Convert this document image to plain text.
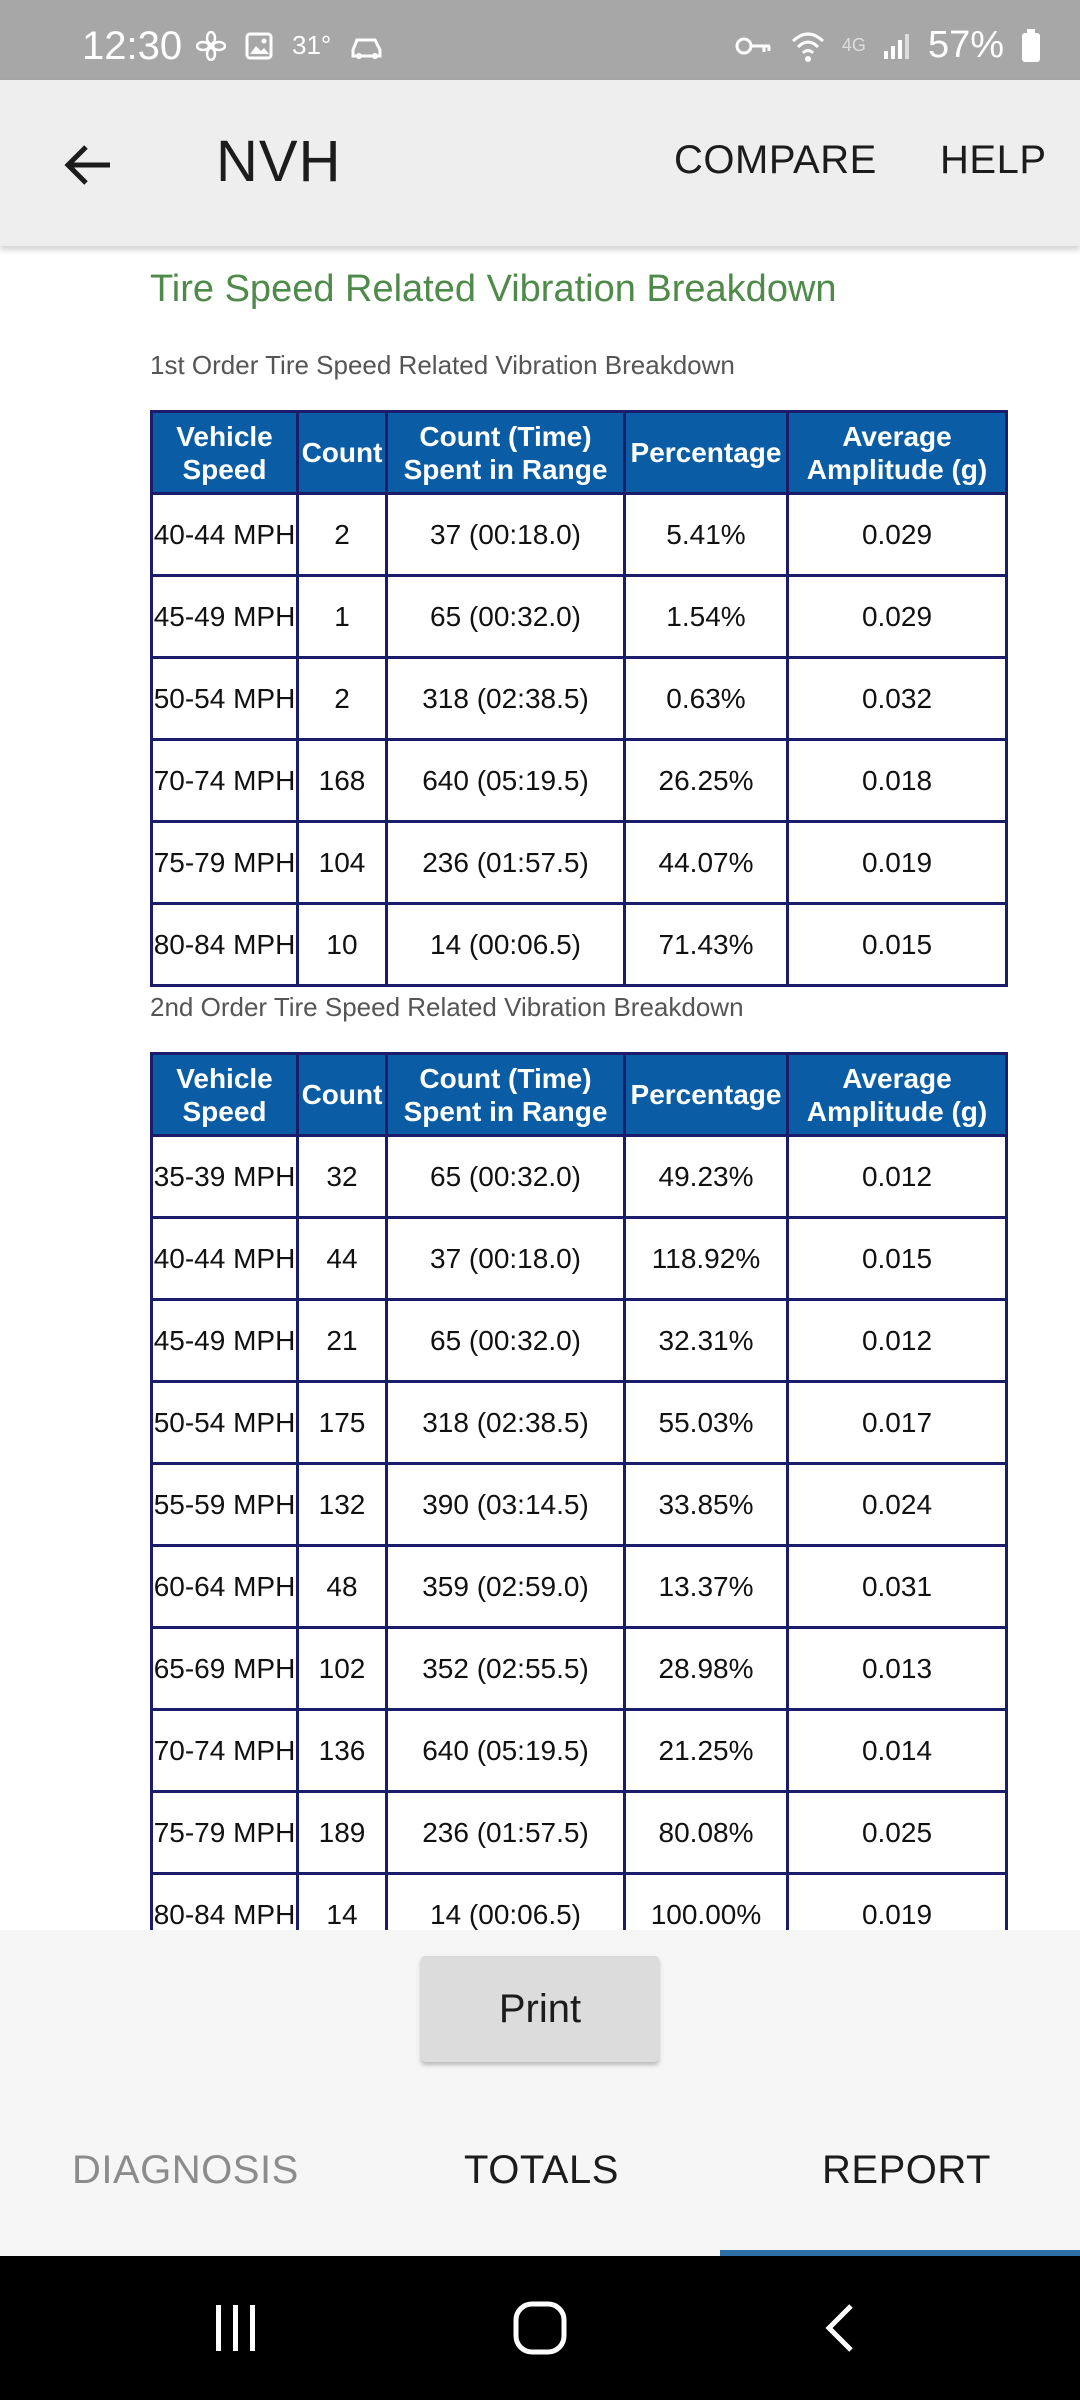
12:30	31°	4G 57%
NVH	COMPARE HELP
Tire Speed Related Vibration Breakdown
1st Order Tire Speed Related Vibration Breakdown
Vehicle Speed	Count	Count (Time) Spent in Range	Percentage	Average Amplitude (g)
40-44 MPH	2	37 (00:18.0)	5.41%	0.029
45-49 MPH	1	65 (00:32.0)	1.54%	0.029
50-54 MPH	2	318 (02:38.5)	0.63%	0.032
70-74 MPH	168	640 (05:19.5)	26.25%	0.018
75-79 MPH	104	236 (01:57.5)	44.07%	0.019
80-84 MPH	10	14 (00:06.5)	71.43%	0.015
2nd Order Tire Speed Related Vibration Breakdown
Vehicle Speed	Count	Count (Time) Spent in Range	Percentage	Average Amplitude (g)
35-39 MPH	32	65 (00:32.0)	49.23%	0.012
40-44 MPH	44	37 (00:18.0)	118.92%	0.015
45-49 MPH	21	65 (00:32.0)	32.31%	0.012
50-54 MPH	175	318 (02:38.5)	55.03%	0.017
55-59 MPH	132	390 (03:14.5)	33.85%	0.024
60-64 MPH	48	359 (02:59.0)	13.37%	0.031
65-69 MPH	102	352 (02:55.5)	28.98%	0.013
70-74 MPH	136	640 (05:19.5)	21.25%	0.014
75-79 MPH	189	236 (01:57.5)	80.08%	0.025
80-84 MPH	14	14 (00:06.5)	100.00%	0.019
Print
DIAGNOSIS	TOTALS	REPORT
